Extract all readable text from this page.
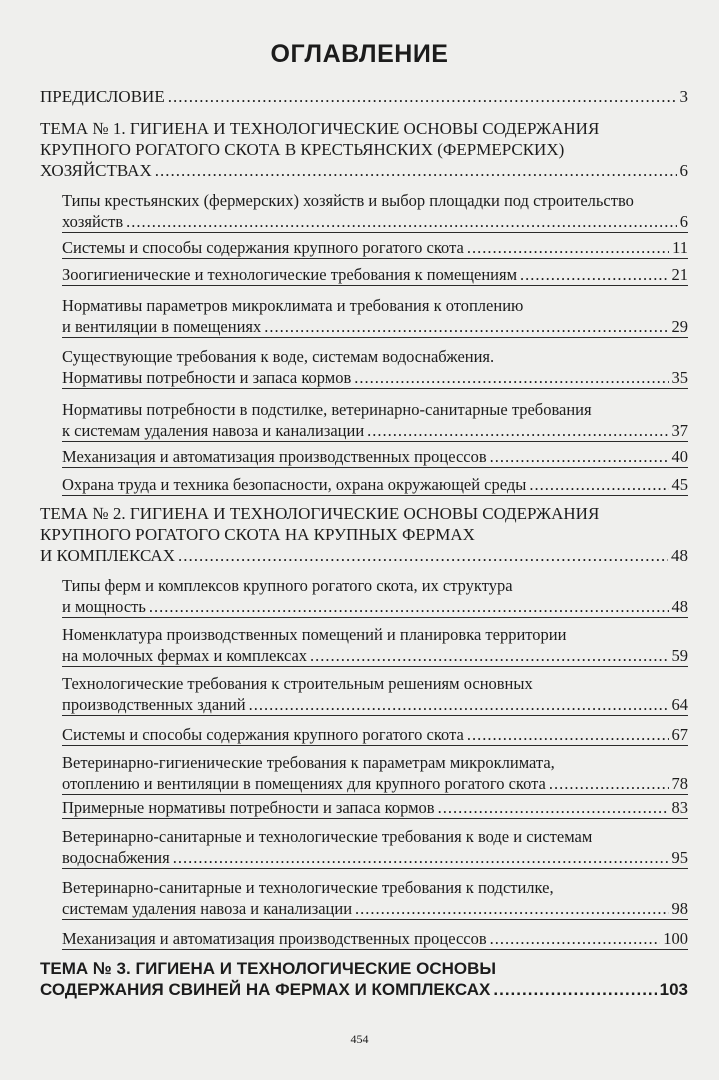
ОГЛАВЛЕНИЕ
ПРЕДИСЛОВИЕ .....	3
ТЕМА № 1. ГИГИЕНА И ТЕХНОЛОГИЧЕСКИЕ ОСНОВЫ СОДЕРЖАНИЯ
КРУПНОГО РОГАТОГО СКОТА В КРЕСТЬЯНСКИХ (ФЕРМЕРСКИХ)
ХОЗЯЙСТВАХ .....	6
Типы крестьянских (фермерских) хозяйств и выбор площадки под строительство
хозяйств .....	6
Системы и способы содержания крупного рогатого скота .....	11
Зоогигиенические и технологические требования к помещениям .....	21
Нормативы параметров микроклимата и требования к отоплению
и вентиляции в помещениях .....	29
Существующие требования к воде, системам водоснабжения.
Нормативы потребности и запаса кормов .....	35
Нормативы потребности в подстилке, ветеринарно-санитарные требования
к системам удаления навоза и канализации .....	37
Механизация и автоматизация производственных процессов .....	40
Охрана труда и техника безопасности, охрана окружающей среды .....	45
ТЕМА № 2. ГИГИЕНА И ТЕХНОЛОГИЧЕСКИЕ ОСНОВЫ СОДЕРЖАНИЯ
КРУПНОГО РОГАТОГО СКОТА НА КРУПНЫХ ФЕРМАХ
И КОМПЛЕКСАХ .....	48
Типы ферм и комплексов крупного рогатого скота, их структура
и мощность .....	48
Номенклатура производственных помещений и планировка территории
на молочных фермах и комплексах .....	59
Технологические требования к строительным решениям основных
производственных зданий .....	64
Системы и способы содержания крупного рогатого скота .....	67
Ветеринарно-гигиенические требования к параметрам микроклимата,
отоплению и вентиляции в помещениях для крупного рогатого скота .....	78
Примерные нормативы потребности и запаса кормов .....	83
Ветеринарно-санитарные и технологические требования к воде и системам
водоснабжения .....	95
Ветеринарно-санитарные и технологические требования к подстилке,
системам удаления навоза и канализации .....	98
Механизация и автоматизация производственных процессов .....	100
ТЕМА № 3. ГИГИЕНА И ТЕХНОЛОГИЧЕСКИЕ ОСНОВЫ
СОДЕРЖАНИЯ СВИНЕЙ НА ФЕРМАХ И КОМПЛЕКСАХ .....	103
454
